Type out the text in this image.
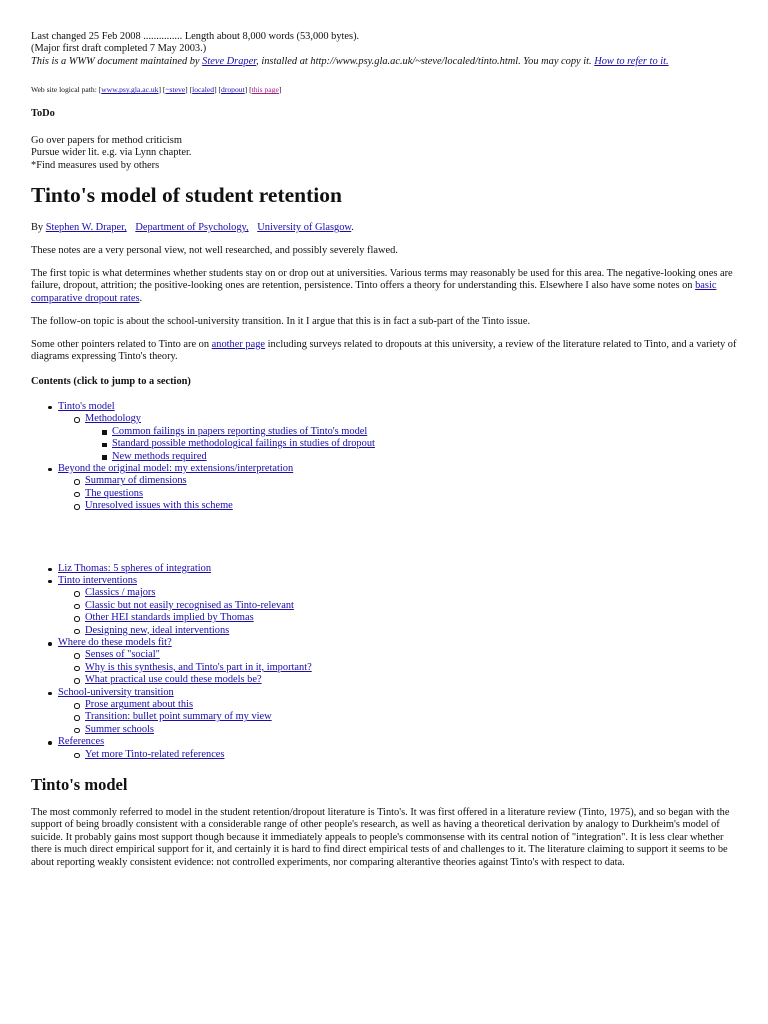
Last changed 25 Feb 2008 ............... Length about 8,000 words (53,000 bytes).
(Major first draft completed 7 May 2003.)
This is a WWW document maintained by Steve Draper, installed at http://www.psy.gla.ac.uk/~steve/localed/tinto.html. You may copy it. How to refer to it.
Web site logical path: [www.psy.gla.ac.uk] [~steve] [localed] [dropout] [this page]
ToDo
Go over papers for method criticism
Pursue wider lit. e.g. via Lynn chapter.
*Find measures used by others
Tinto's model of student retention

By Stephen W. Draper, Department of Psychology, University of Glasgow.

These notes are a very personal view, not well researched, and possibly severely flawed.

The first topic is what determines whether students stay on or drop out at universities. Various terms may reasonably be used for this area. The negative-looking ones are failure, dropout, attrition; the positive-looking ones are retention, persistence. Tinto offers a theory for understanding this. Elsewhere I also have some notes on basic comparative dropout rates.

The follow-on topic is about the school-university transition. In it I argue that this is in fact a sub-part of the Tinto issue.

Some other pointers related to Tinto are on another page including surveys related to dropouts at this university, a review of the literature related to Tinto, and a variety of diagrams expressing Tinto's theory.

Contents (click to jump to a section)
Tinto's model
Methodology
Common failings in papers reporting studies of Tinto's model
Standard possible methodological failings in studies of dropout
New methods required
Beyond the original model: my extensions/interpretation
Summary of dimensions
The questions
Unresolved issues with this scheme
Liz Thomas: 5 spheres of integration
Tinto interventions
Classics / majors
Classic but not easily recognised as Tinto-relevant
Other HEI standards implied by Thomas
Designing new, ideal interventions
Where do these models fit?
Senses of "social"
Why is this synthesis, and Tinto's part in it, important?
What practical use could these models be?
School-university transition
Prose argument about this
Transition: bullet point summary of my view
Summer schools
References
Yet more Tinto-related references
Tinto's model

The most commonly referred to model in the student retention/dropout literature is Tinto's. It was first offered in a literature review (Tinto, 1975), and so began with the support of being broadly consistent with a considerable range of other people's research, as well as having a theoretical derivation by analogy to Durkheim's model of suicide. It probably gains most support though because it immediately appeals to people's commonsense with its central notion of "integration". It is less clear whether there is much direct empirical support for it, and certainly it is hard to find direct empirical tests of and challenges to it. The literature claiming to support it seems to be about reporting weakly consistent evidence: not controlled experiments, nor comparing alterantive theories against Tinto's with respect to data.
